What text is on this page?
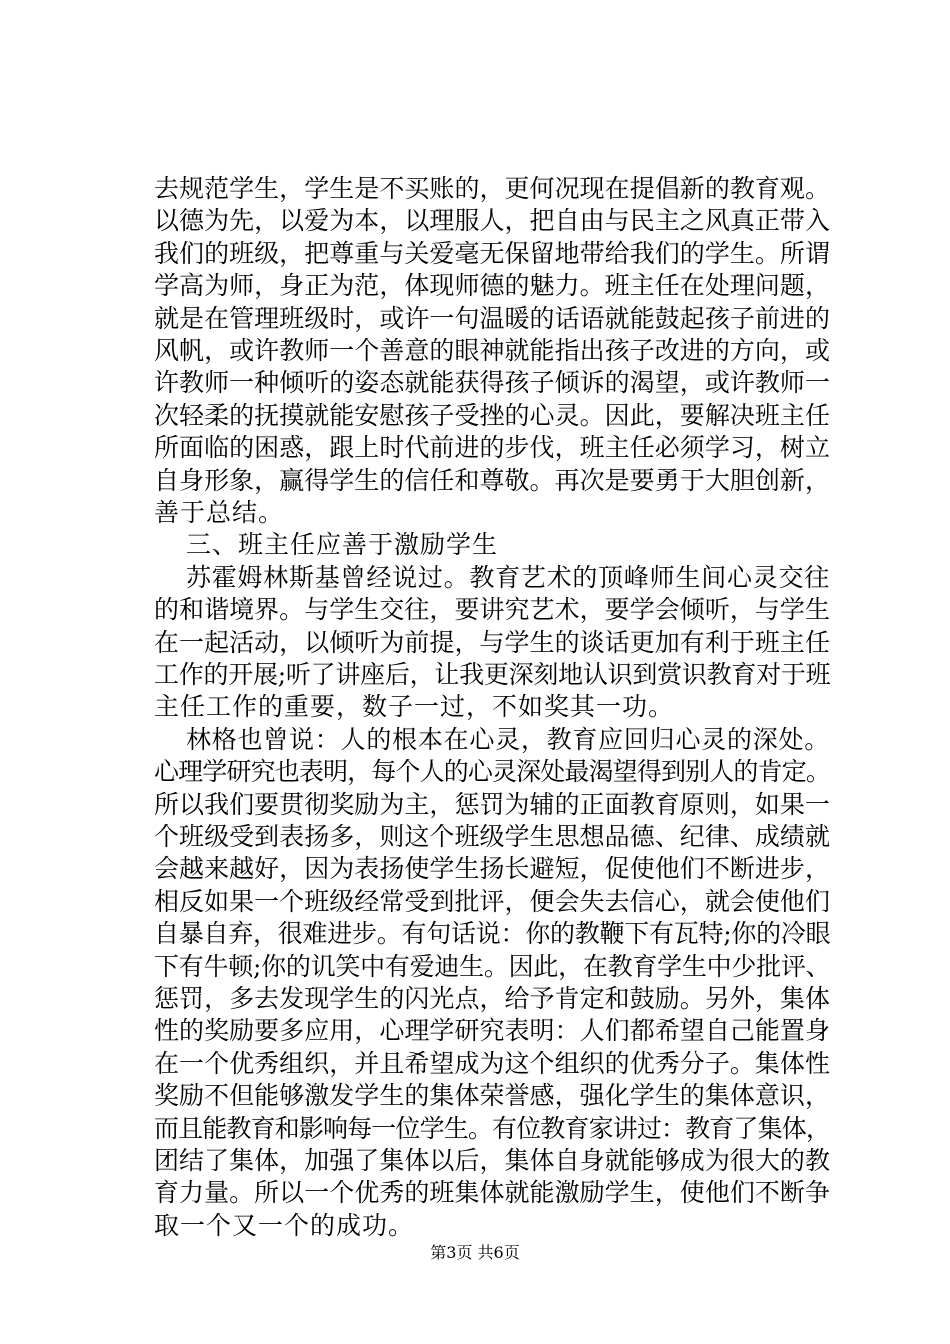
去规范学生，学生是不买账的，更何况现在提倡新的教育观。
以德为先，以爱为本，以理服人，把自由与民主之风真正带入
我们的班级，把尊重与关爱毫无保留地带给我们的学生。所谓
学高为师，身正为范，体现师德的魅力。班主任在处理问题，
就是在管理班级时，或许一句温暖的话语就能鼓起孩子前进的
风帆，或许教师一个善意的眼神就能指出孩子改进的方向，或
许教师一种倾听的姿态就能获得孩子倾诉的渴望，或许教师一
次轻柔的抚摸就能安慰孩子受挫的心灵。因此，要解决班主任
所面临的困惑，跟上时代前进的步伐，班主任必须学习，树立
自身形象，赢得学生的信任和尊敬。再次是要勇于大胆创新，
善于总结。
三、班主任应善于激励学生
苏霍姆林斯基曾经说过。教育艺术的顶峰师生间心灵交往
的和谐境界。与学生交往，要讲究艺术，要学会倾听，与学生
在一起活动，以倾听为前提，与学生的谈话更加有利于班主任
工作的开展;听了讲座后，让我更深刻地认识到赏识教育对于班
主任工作的重要，数子一过，不如奖其一功。
林格也曾说：人的根本在心灵，教育应回归心灵的深处。
心理学研究也表明，每个人的心灵深处最渴望得到别人的肯定。
所以我们要贯彻奖励为主，惩罚为辅的正面教育原则，如果一
个班级受到表扬多，则这个班级学生思想品德、纪律、成绩就
会越来越好，因为表扬使学生扬长避短，促使他们不断进步，
相反如果一个班级经常受到批评，便会失去信心，就会使他们
自暴自弃，很难进步。有句话说：你的教鞭下有瓦特;你的冷眼
下有牛顿;你的讥笑中有爱迪生。因此，在教育学生中少批评、
惩罚，多去发现学生的闪光点，给予肯定和鼓励。另外，集体
性的奖励要多应用，心理学研究表明：人们都希望自己能置身
在一个优秀组织，并且希望成为这个组织的优秀分子。集体性
奖励不但能够激发学生的集体荣誉感，强化学生的集体意识，
而且能教育和影响每一位学生。有位教育家讲过：教育了集体，
团结了集体，加强了集体以后，集体自身就能够成为很大的教
育力量。所以一个优秀的班集体就能激励学生，使他们不断争
取一个又一个的成功。
第3页 共6页
